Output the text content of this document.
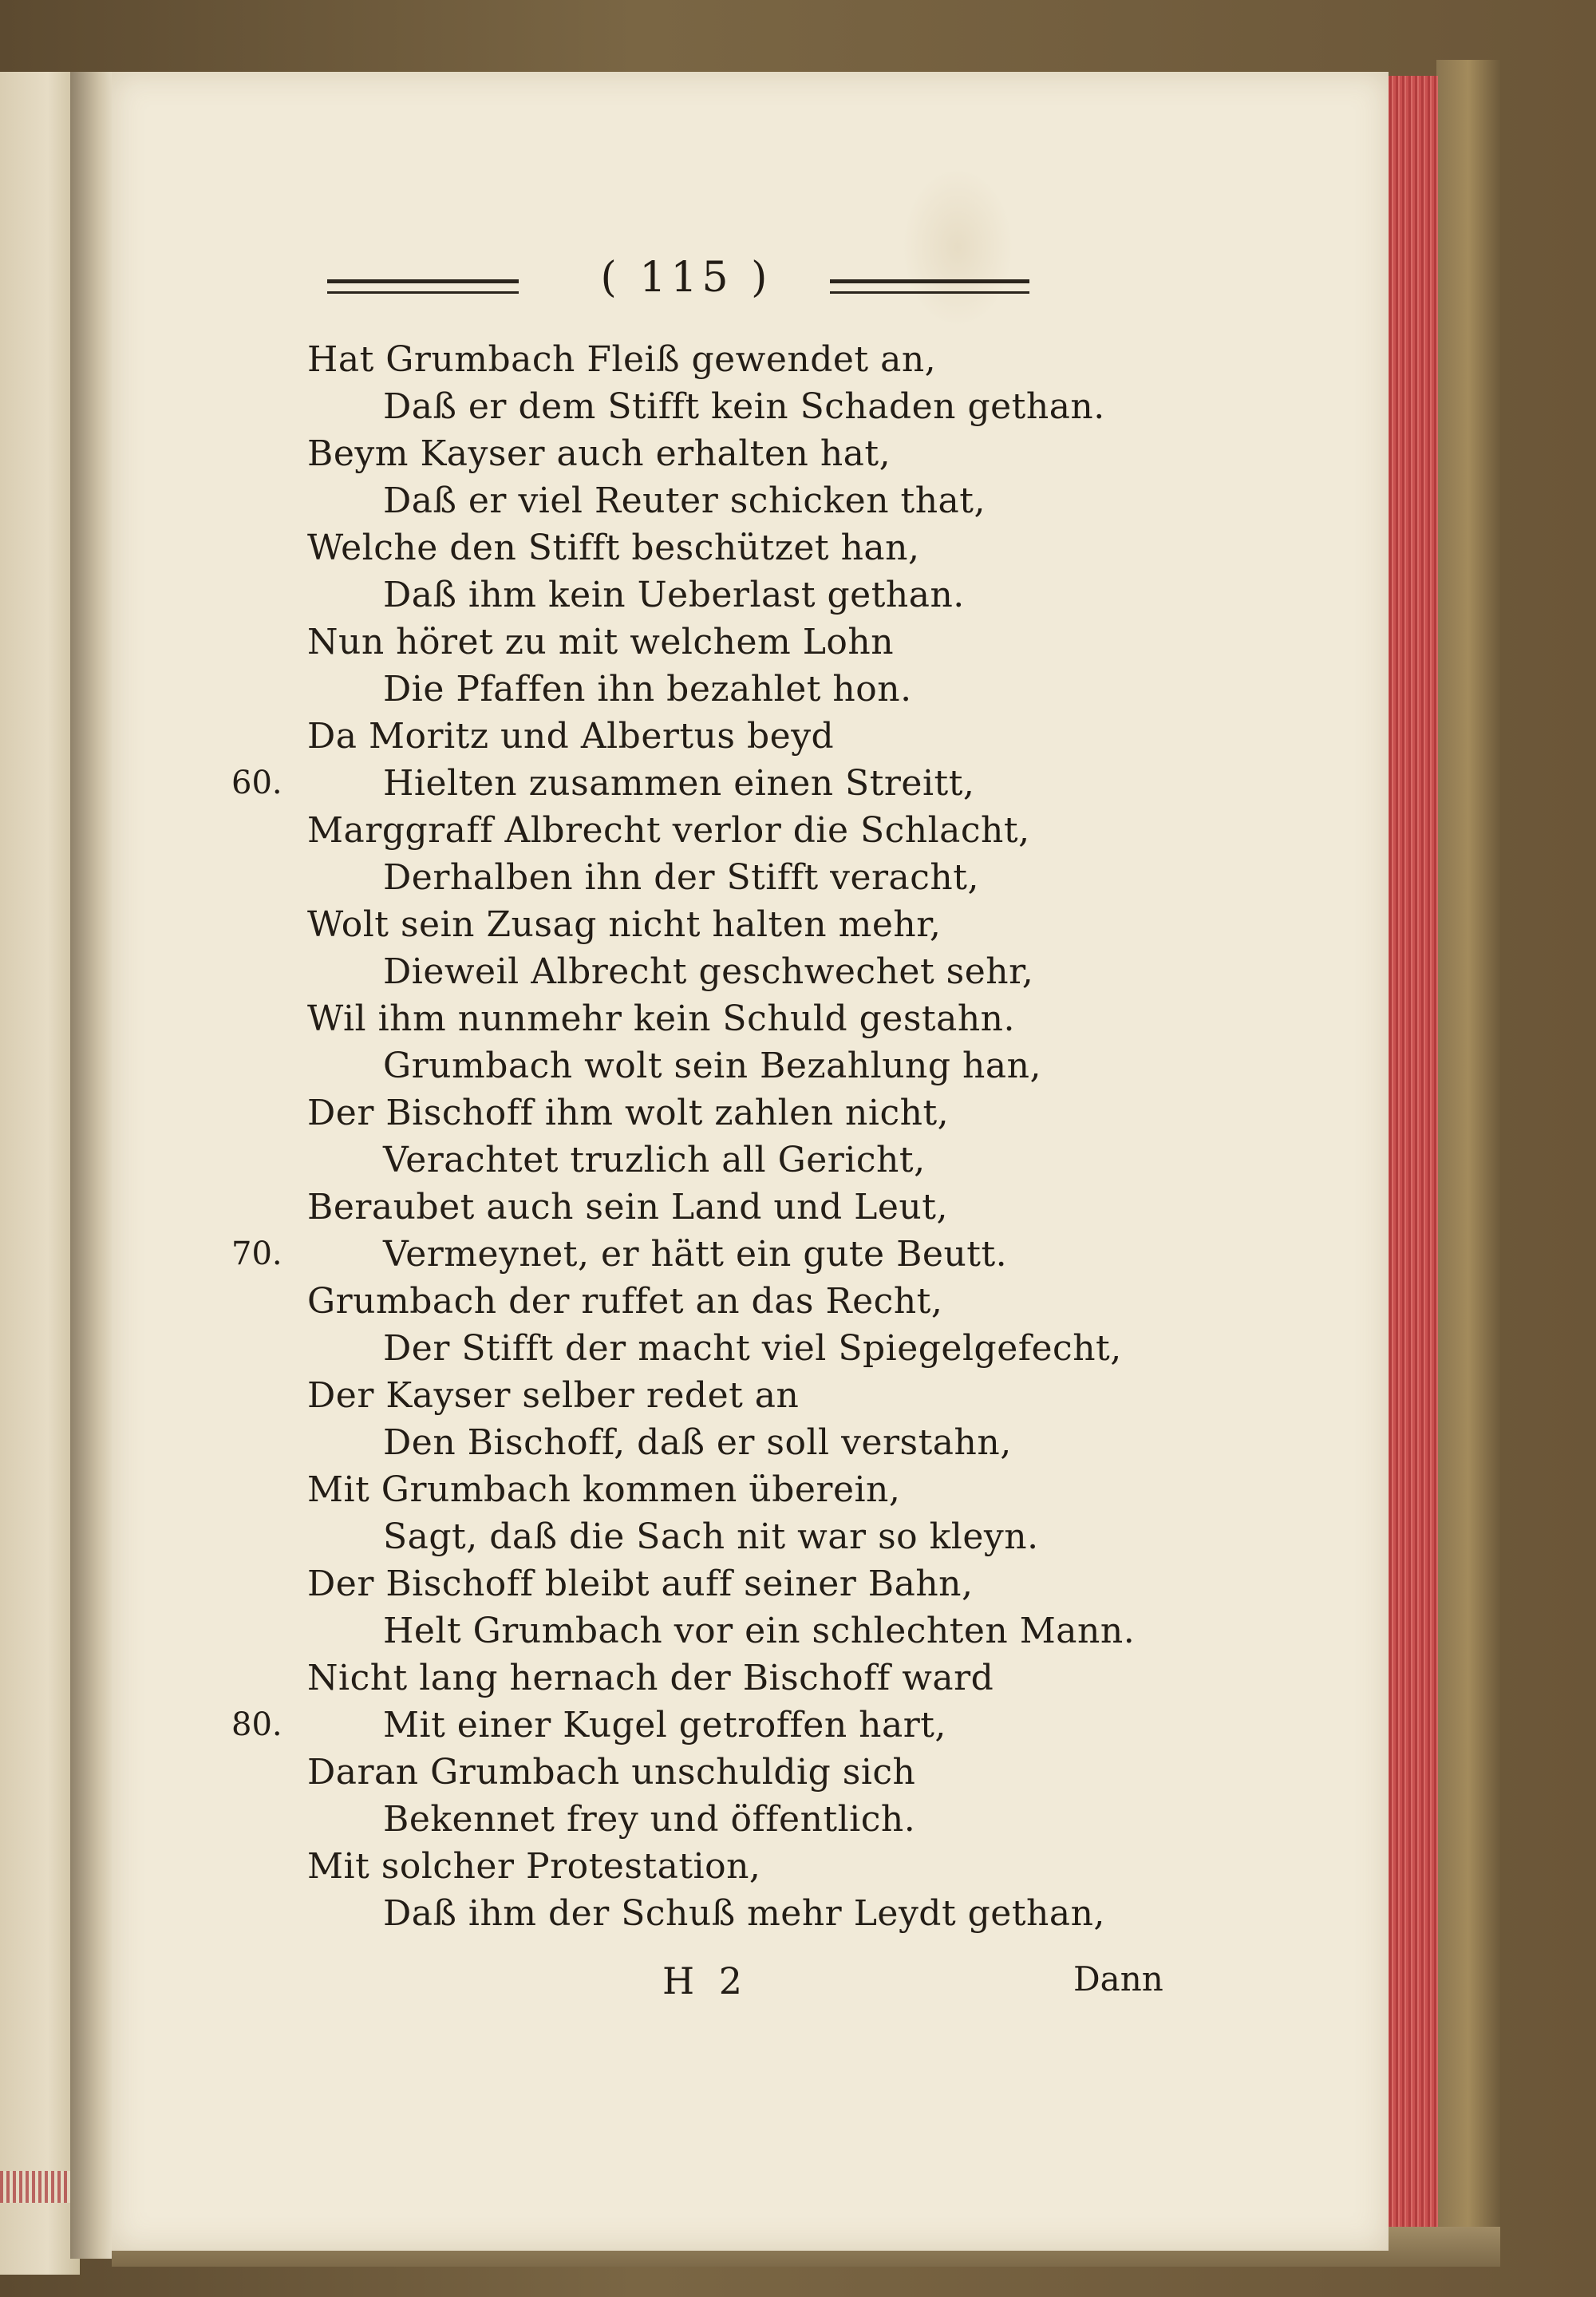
( 115 )
Hat Grumbach Fleiß gewendet an,
Daß er dem Stifft kein Schaden gethan.
Beym Kayser auch erhalten hat,
Daß er viel Reuter schicken that,
Welche den Stifft beschützet han,
Daß ihm kein Ueberlast gethan.
Nun höret zu mit welchem Lohn
Die Pfaffen ihn bezahlet hon.
Da Moritz und Albertus beyd
60.	Hielten zusammen einen Streitt,
Marggraff Albrecht verlor die Schlacht,
Derhalben ihn der Stifft veracht,
Wolt sein Zusag nicht halten mehr,
Dieweil Albrecht geschwechet sehr,
Wil ihm nunmehr kein Schuld gestahn.
Grumbach wolt sein Bezahlung han,
Der Bischoff ihm wolt zahlen nicht,
Verachtet truzlich all Gericht,
Beraubet auch sein Land und Leut,
70.	Vermeynet, er hätt ein gute Beutt.
Grumbach der ruffet an das Recht,
Der Stifft der macht viel Spiegelgefecht,
Der Kayser selber redet an
Den Bischoff, daß er soll verstahn,
Mit Grumbach kommen überein,
Sagt, daß die Sach nit war so kleyn.
Der Bischoff bleibt auff seiner Bahn,
Helt Grumbach vor ein schlechten Mann.
Nicht lang hernach der Bischoff ward
80.	Mit einer Kugel getroffen hart,
Daran Grumbach unschuldig sich
Bekennet frey und öffentlich.
Mit solcher Protestation,
Daß ihm der Schuß mehr Leydt gethan,
H 2	Dann
